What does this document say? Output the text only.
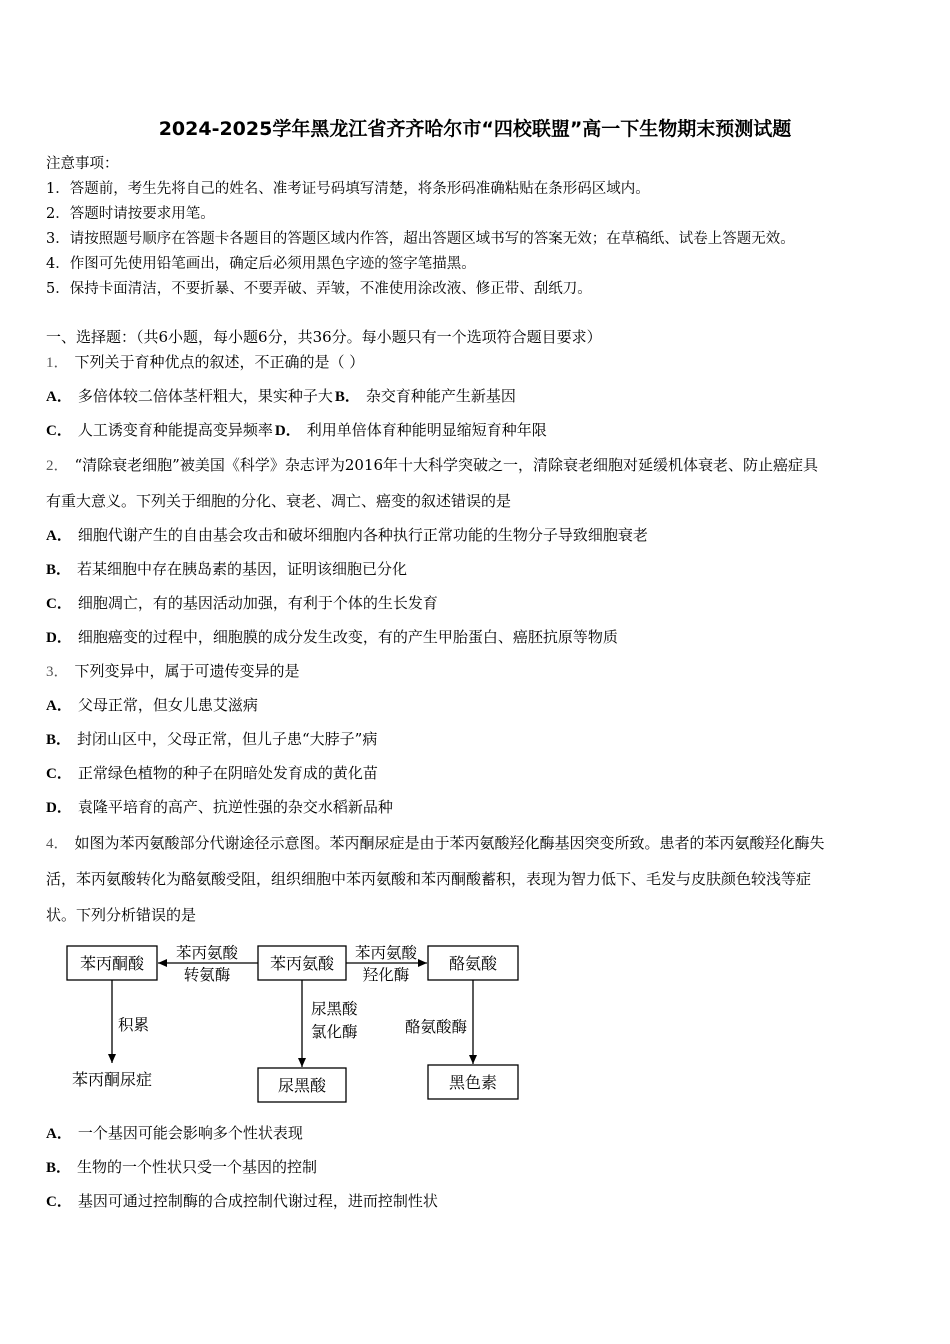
2024-2025学年黑龙江省齐齐哈尔市“四校联盟”高一下生物期末预测试题
注意事项：
1．答题前，考生先将自己的姓名、准考证号码填写清楚，将条形码准确粘贴在条形码区域内。
2．答题时请按要求用笔。
3．请按照题号顺序在答题卡各题目的答题区域内作答，超出答题区域书写的答案无效；在草稿纸、试卷上答题无效。
4．作图可先使用铅笔画出，确定后必须用黑色字迹的签字笔描黑。
5．保持卡面清洁，不要折暴、不要弄破、弄皱，不准使用涂改液、修正带、刮纸刀。
一、选择题：（共6小题，每小题6分，共36分。每小题只有一个选项符合题目要求）
1． 下列关于育种优点的叙述，不正确的是（ ）
A． 多倍体较二倍体茎杆粗大，果实种子大 B． 杂交育种能产生新基因
C． 人工诱变育种能提高变异频率 D． 利用单倍体育种能明显缩短育种年限
2． “清除衰老细胞”被美国《科学》杂志评为2016年十大科学突破之一，清除衰老细胞对延缓机体衰老、防止癌症具
有重大意义。下列关于细胞的分化、衰老、凋亡、癌变的叙述错误的是
A． 细胞代谢产生的自由基会攻击和破坏细胞内各种执行正常功能的生物分子导致细胞衰老
B． 若某细胞中存在胰岛素的基因，证明该细胞已分化
C． 细胞凋亡，有的基因活动加强，有利于个体的生长发育
D． 细胞癌变的过程中，细胞膜的成分发生改变，有的产生甲胎蛋白、癌胚抗原等物质
3． 下列变异中，属于可遗传变异的是
A． 父母正常，但女儿患艾滋病
B． 封闭山区中，父母正常，但儿子患“大脖子”病
C． 正常绿色植物的种子在阴暗处发育成的黄化苗
D． 袁隆平培育的高产、抗逆性强的杂交水稻新品种
4． 如图为苯丙氨酸部分代谢途径示意图。苯丙酮尿症是由于苯丙氨酸羟化酶基因突变所致。患者的苯丙氨酸羟化酶失
活，苯丙氨酸转化为酪氨酸受阻，组织细胞中苯丙氨酸和苯丙酮酸蓄积，表现为智力低下、毛发与皮肤颜色较浅等症
状。下列分析错误的是
苯丙酮酸	苯丙氨酸	酪氨酸
苯丙氨酸
转氨酶
苯丙氨酸
羟化酶
积累
苯丙酮尿症
尿黑酸
氯化酶
尿黑酸
酪氨酸酶
黑色素
A． 一个基因可能会影响多个性状表现
B． 生物的一个性状只受一个基因的控制
C． 基因可通过控制酶的合成控制代谢过程，进而控制性状
